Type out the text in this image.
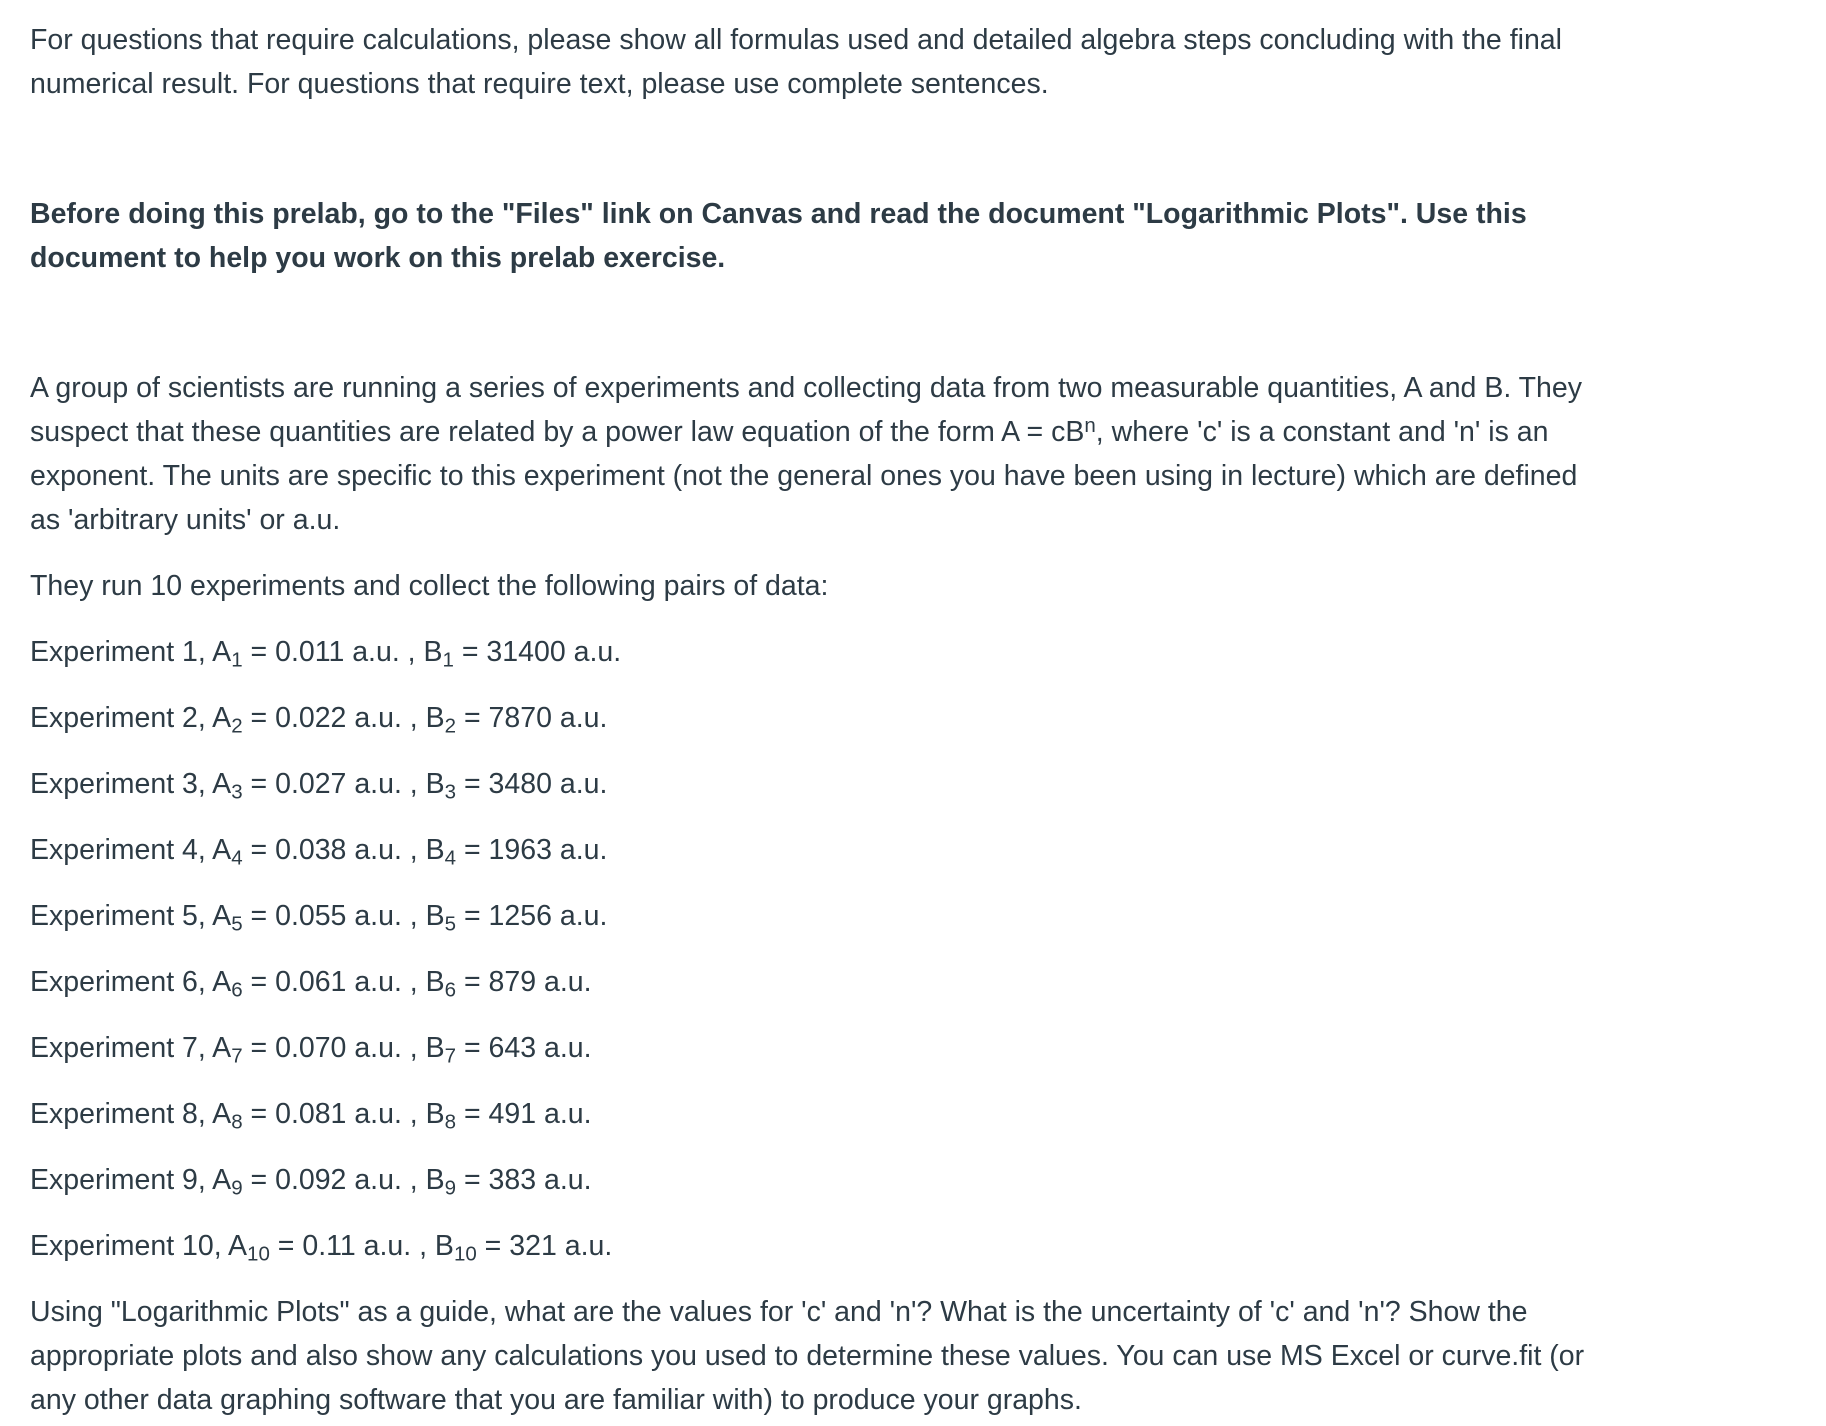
For questions that require calculations, please show all formulas used and detailed algebra steps concluding with the final numerical result. For questions that require text, please use complete sentences.

Before doing this prelab, go to the "Files" link on Canvas and read the document "Logarithmic Plots". Use this document to help you work on this prelab exercise.

A group of scientists are running a series of experiments and collecting data from two measurable quantities, A and B. They suspect that these quantities are related by a power law equation of the form $A = cB^n$, where 'c' is a constant and 'n' is an exponent. The units are specific to this experiment (not the general ones you have been using in lecture) which are defined as 'arbitrary units' or a.u.

They run 10 experiments and collect the following pairs of data:

Experiment 1, $A_1 = 0.011$ a.u. , $B_1 = 31400$ a.u.
Experiment 2, $A_2 = 0.022$ a.u. , $B_2 = 7870$ a.u.
Experiment 3, $A_3 = 0.027$ a.u. , $B_3 = 3480$ a.u.
Experiment 4, $A_4 = 0.038$ a.u. , $B_4 = 1963$ a.u.
Experiment 5, $A_5 = 0.055$ a.u. , $B_5 = 1256$ a.u.
Experiment 6, $A_6 = 0.061$ a.u. , $B_6 = 879$ a.u.
Experiment 7, $A_7 = 0.070$ a.u. , $B_7 = 643$ a.u.
Experiment 8, $A_8 = 0.081$ a.u. , $B_8 = 491$ a.u.
Experiment 9, $A_9 = 0.092$ a.u. , $B_9 = 383$ a.u.
Experiment 10, $A_{10} = 0.11$ a.u. , $B_{10} = 321$ a.u.

Using "Logarithmic Plots" as a guide, what are the values for 'c' and 'n'? What is the uncertainty of 'c' and 'n'? Show the appropriate plots and also show any calculations you used to determine these values. You can use MS Excel or curve.fit (or any other data graphing software that you are familiar with) to produce your graphs.
